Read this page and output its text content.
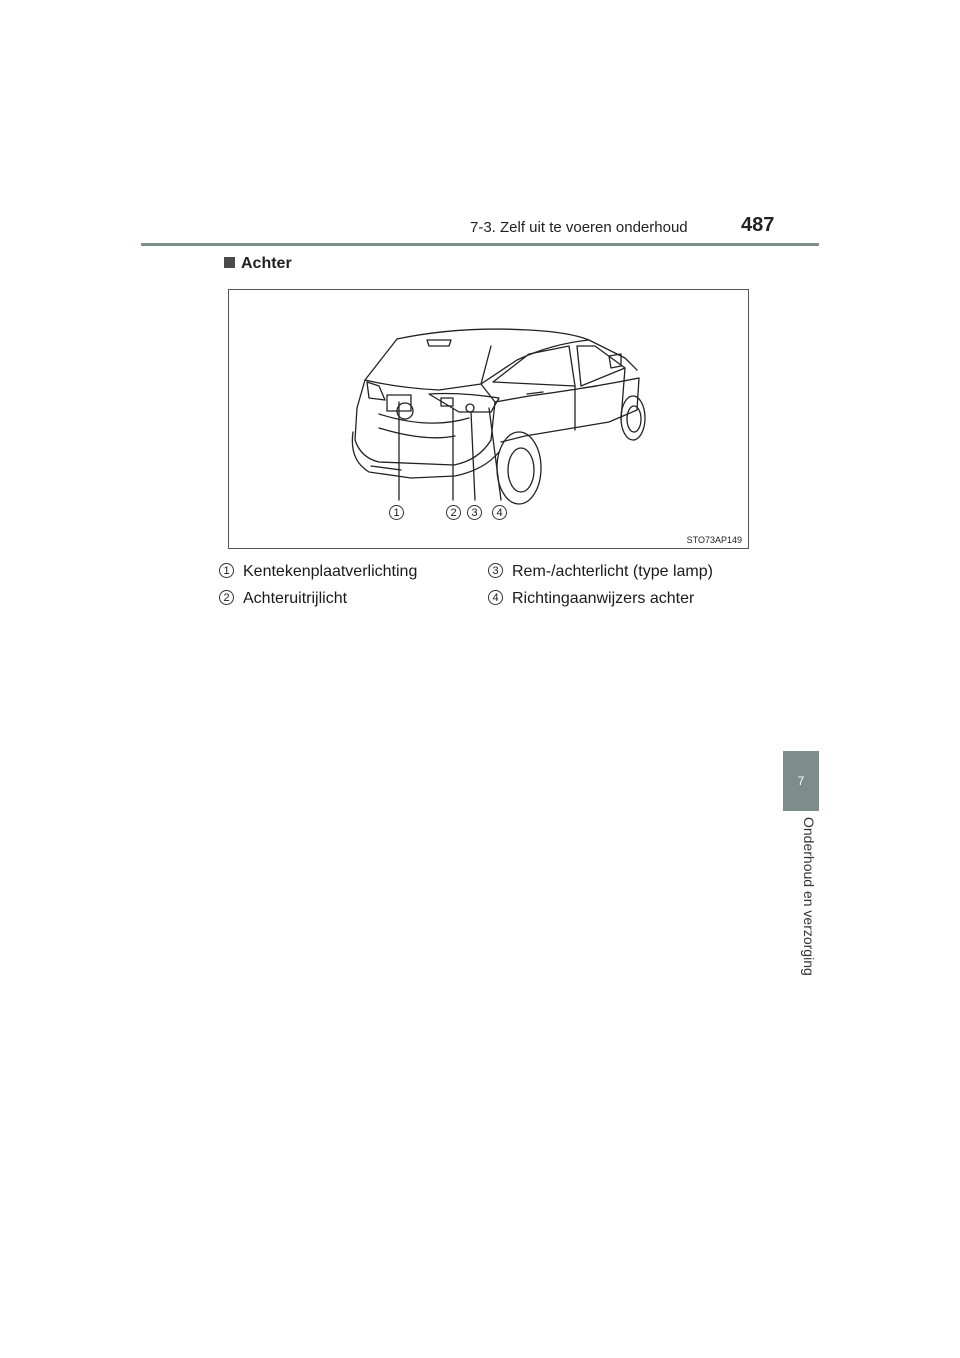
7-3. Zelf uit te voeren onderhoud	487
Achter
1	2	3	4
STO73AP149
1 Kentekenplaatverlichting
2 Achteruitrijlicht
3 Rem-/achterlicht (type lamp)
4 Richtingaanwijzers achter
7
Onderhoud en verzorging
